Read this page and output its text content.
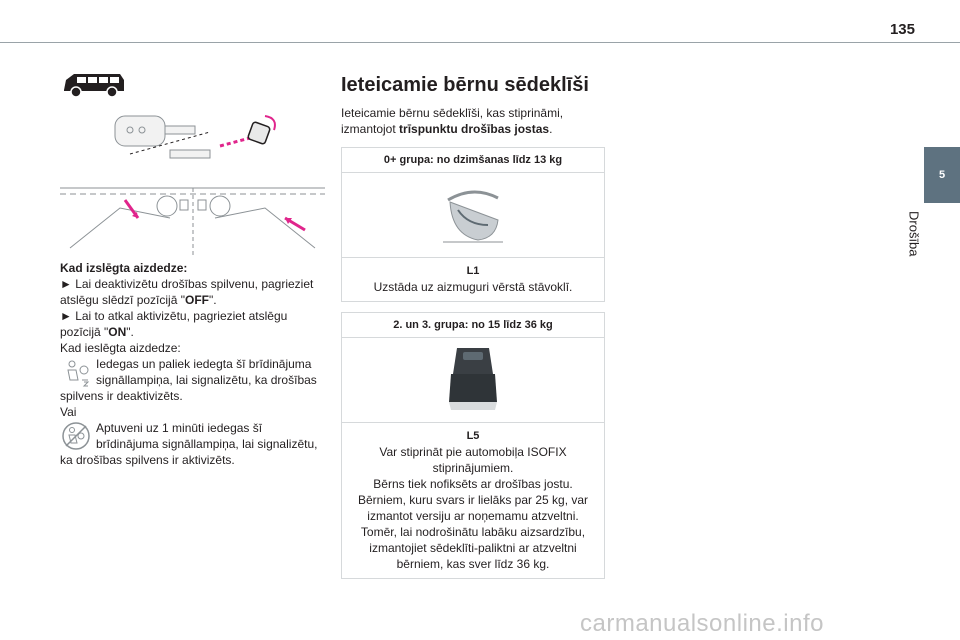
135
5
Drošība

Kad izslēgta aizdedze:

► Lai deaktivizētu drošības spilvenu, pagrieziet atslēgu slēdzī pozīcijā "OFF".

► Lai to atkal aktivizētu, pagrieziet atslēgu pozīcijā "ON".

Kad ieslēgta aizdedze:

Iedegas un paliek iedegta šī brīdinājuma signāllampiņa, lai signalizētu, ka drošības spilvens ir deaktivizēts.

Vai

Aptuveni uz 1 minūti iedegas šī brīdinājuma signāllampiņa, lai signalizētu, ka drošības spilvens ir aktivizēts.
Ieteicamie bērnu sēdeklīši

Ieteicamie bērnu sēdeklīši, kas stiprināmi, izmantojot trīspunktu drošības jostas.

0+ grupa: no dzimšanas līdz 13 kg
L1
Uzstāda uz aizmuguri vērstā stāvoklī.
2. un 3. grupa: no 15 līdz 36 kg
L5
Var stiprināt pie automobiļa ISOFIX stiprinājumiem.
Bērns tiek nofiksēts ar drošības jostu.
Bērniem, kuru svars ir lielāks par 25 kg, var izmantot versiju ar noņemamu atzveltni.
Tomēr, lai nodrošinātu labāku aizsardzību, izmantojiet sēdeklīti-paliktni ar atzveltni bērniem, kas sver līdz 36 kg.
carmanualsonline.info
